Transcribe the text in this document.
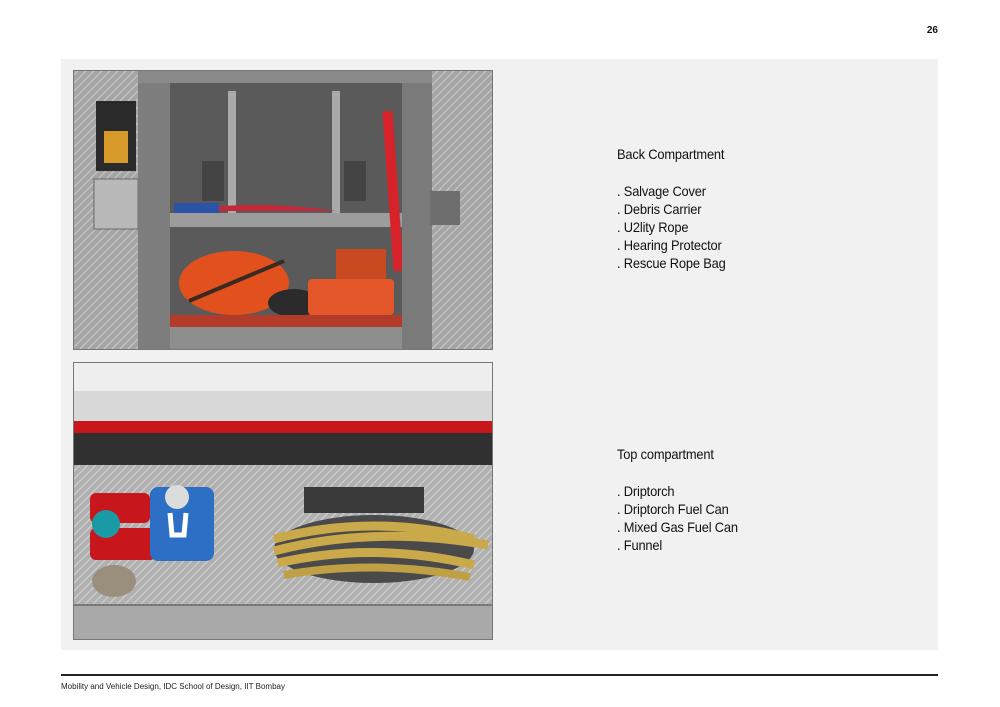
26
Back Compartment
. Salvage Cover
. Debris Carrier
. U2lity Rope
. Hearing Protector
. Rescue Rope Bag
Top compartment
. Driptorch
. Driptorch Fuel Can
. Mixed Gas Fuel Can
. Funnel
Mobility and Vehicle Design, IDC School of Design, IIT Bombay
